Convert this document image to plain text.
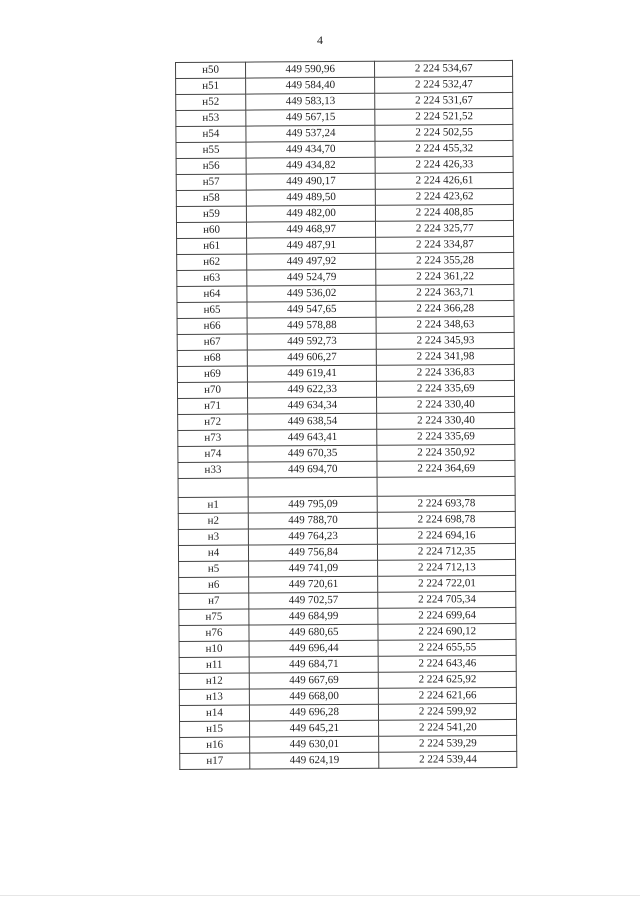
4
н50	449 590,96	2 224 534,67
н51	449 584,40	2 224 532,47
н52	449 583,13	2 224 531,67
н53	449 567,15	2 224 521,52
н54	449 537,24	2 224 502,55
н55	449 434,70	2 224 455,32
н56	449 434,82	2 224 426,33
н57	449 490,17	2 224 426,61
н58	449 489,50	2 224 423,62
н59	449 482,00	2 224 408,85
н60	449 468,97	2 224 325,77
н61	449 487,91	2 224 334,87
н62	449 497,92	2 224 355,28
н63	449 524,79	2 224 361,22
н64	449 536,02	2 224 363,71
н65	449 547,65	2 224 366,28
н66	449 578,88	2 224 348,63
н67	449 592,73	2 224 345,93
н68	449 606,27	2 224 341,98
н69	449 619,41	2 224 336,83
н70	449 622,33	2 224 335,69
н71	449 634,34	2 224 330,40
н72	449 638,54	2 224 330,40
н73	449 643,41	2 224 335,69
н74	449 670,35	2 224 350,92
н33	449 694,70	2 224 364,69

н1	449 795,09	2 224 693,78
н2	449 788,70	2 224 698,78
н3	449 764,23	2 224 694,16
н4	449 756,84	2 224 712,35
н5	449 741,09	2 224 712,13
н6	449 720,61	2 224 722,01
н7	449 702,57	2 224 705,34
н75	449 684,99	2 224 699,64
н76	449 680,65	2 224 690,12
н10	449 696,44	2 224 655,55
н11	449 684,71	2 224 643,46
н12	449 667,69	2 224 625,92
н13	449 668,00	2 224 621,66
н14	449 696,28	2 224 599,92
н15	449 645,21	2 224 541,20
н16	449 630,01	2 224 539,29
н17	449 624,19	2 224 539,44
